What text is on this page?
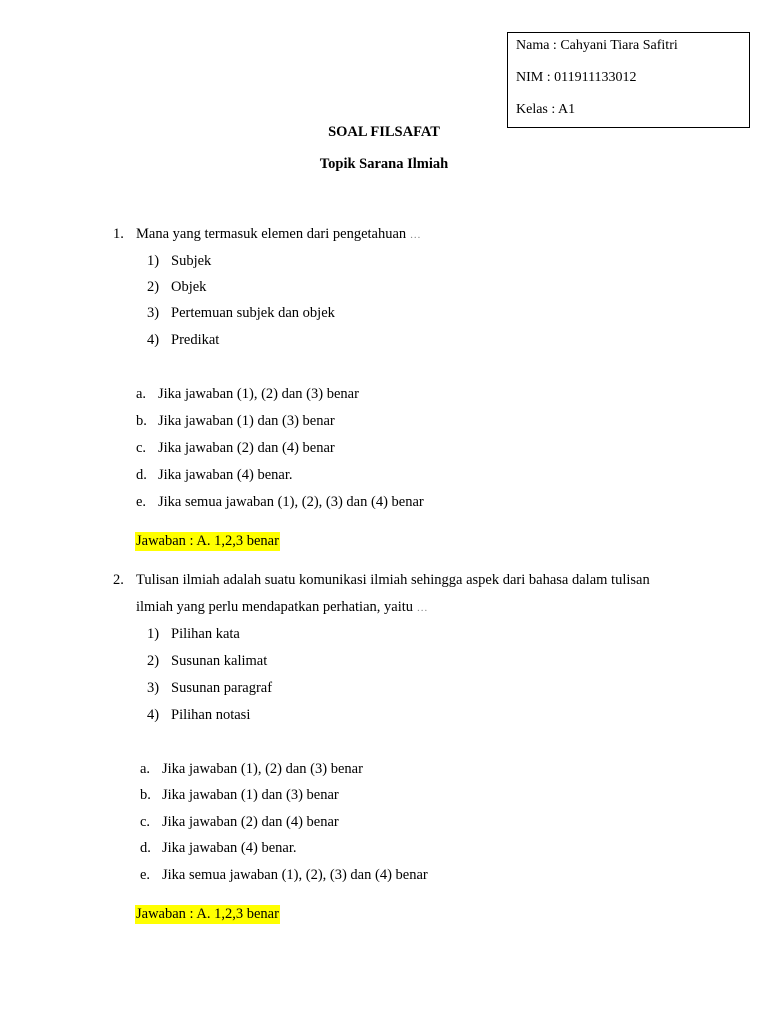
Nama : Cahyani Tiara Safitri
NIM : 011911133012
Kelas : A1
SOAL FILSAFAT
Topik Sarana Ilmiah
1. Mana yang termasuk elemen dari pengetahuan …
1) Subjek
2) Objek
3) Pertemuan subjek dan objek
4) Predikat
a. Jika jawaban (1), (2) dan (3) benar
b. Jika jawaban (1) dan (3) benar
c. Jika jawaban (2) dan (4) benar
d. Jika jawaban (4) benar.
e. Jika semua jawaban (1), (2), (3) dan (4) benar
Jawaban : A. 1,2,3 benar
2. Tulisan ilmiah adalah suatu komunikasi ilmiah sehingga aspek dari bahasa dalam tulisan
ilmiah yang perlu mendapatkan perhatian, yaitu …
1) Pilihan kata
2) Susunan kalimat
3) Susunan paragraf
4) Pilihan notasi
a. Jika jawaban (1), (2) dan (3) benar
b. Jika jawaban (1) dan (3) benar
c. Jika jawaban (2) dan (4) benar
d. Jika jawaban (4) benar.
e. Jika semua jawaban (1), (2), (3) dan (4) benar
Jawaban : A. 1,2,3 benar
